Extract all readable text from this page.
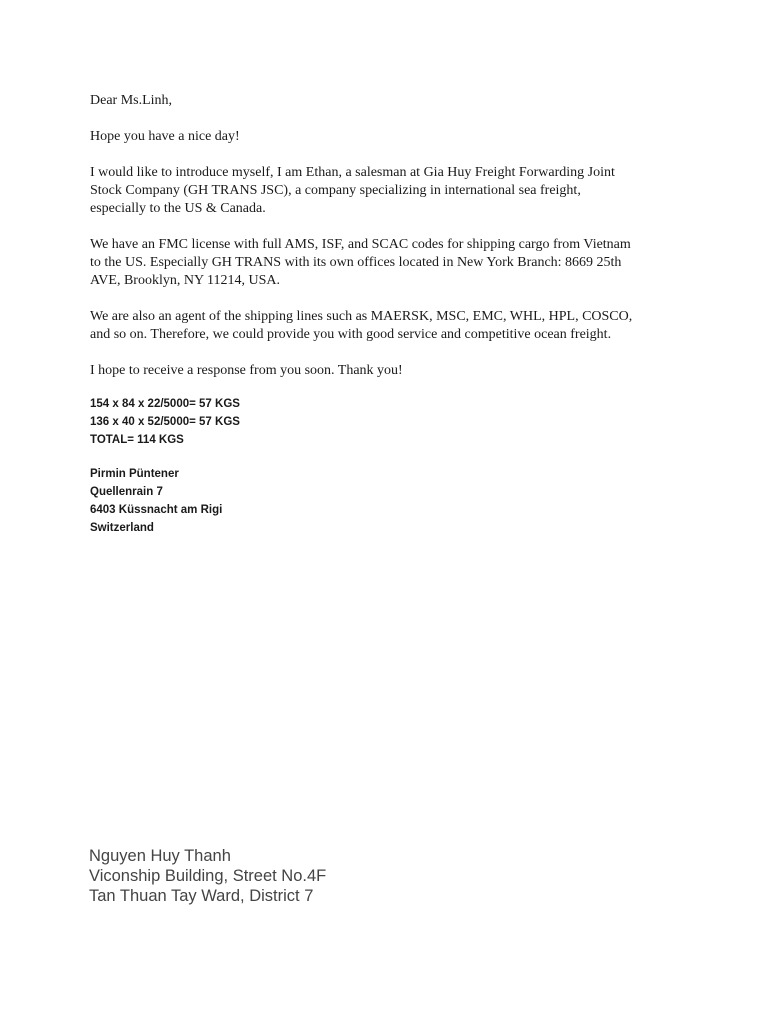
Dear Ms.Linh,

Hope you have a nice day!

I would like to introduce myself, I am Ethan, a salesman at Gia Huy Freight Forwarding Joint
Stock Company (GH TRANS JSC), a company specializing in international sea freight,
especially to the US & Canada.

We have an FMC license with full AMS, ISF, and SCAC codes for shipping cargo from Vietnam
to the US. Especially GH TRANS with its own offices located in New York Branch: 8669 25th
AVE, Brooklyn, NY 11214, USA.

We are also an agent of the shipping lines such as MAERSK, MSC, EMC, WHL, HPL, COSCO,
and so on. Therefore, we could provide you with good service and competitive ocean freight.

I hope to receive a response from you soon. Thank you!

154 x 84 x 22/5000= 57 KGS
136 x 40 x 52/5000= 57 KGS
TOTAL= 114 KGS
Pirmin Püntener
Quellenrain 7
6403 Küssnacht am Rigi
Switzerland
Nguyen Huy Thanh
Viconship Building, Street No.4F
Tan Thuan Tay Ward, District 7
